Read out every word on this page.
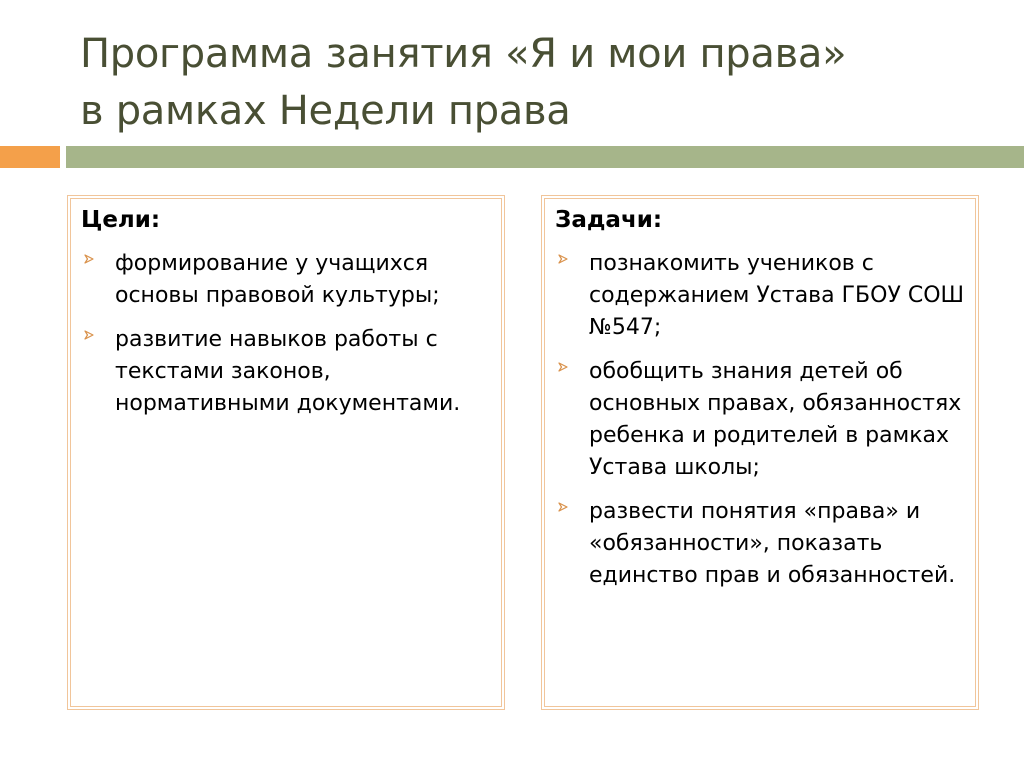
Программа занятия «Я и мои права»
в рамках Недели права
Цели:
формирование у учащихся основы правовой культуры;
развитие навыков работы с текстами законов, нормативными документами.
Задачи:
познакомить учеников с содержанием Устава ГБОУ СОШ №547;
обобщить знания детей об основных правах, обязанностях ребенка и родителей в рамках Устава школы;
развести понятия «права» и «обязанности», показать единство прав и обязанностей.
